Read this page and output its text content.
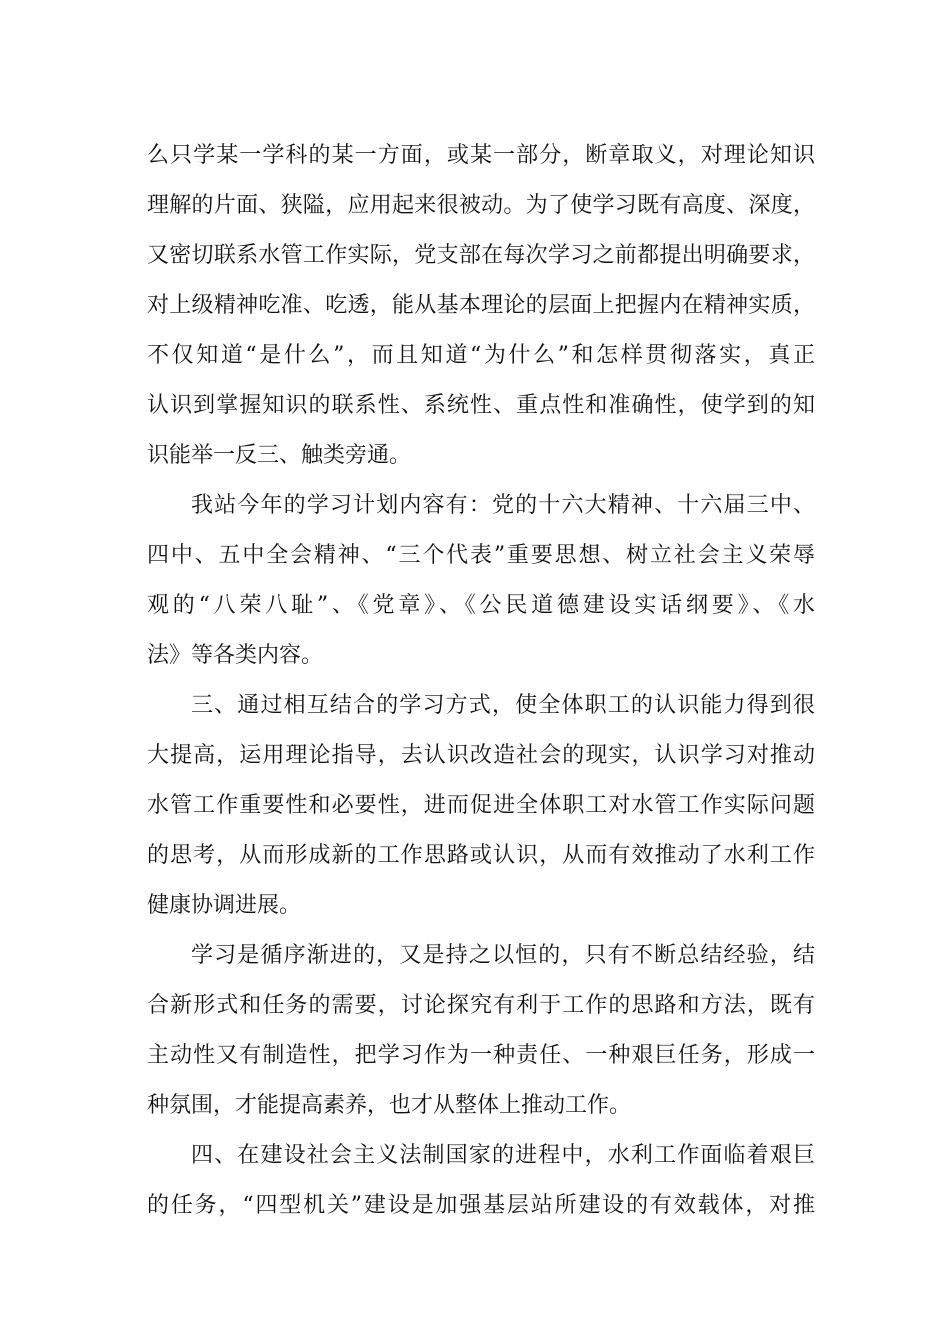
么只学某一学科的某一方面，或某一部分，断章取义，对理论知识
理解的片面、狭隘，应用起来很被动。为了使学习既有高度、深度，
又密切联系水管工作实际，党支部在每次学习之前都提出明确要求，
对上级精神吃准、吃透，能从基本理论的层面上把握内在精神实质，
不仅知道“是什么”，而且知道“为什么”和怎样贯彻落实，真正
认识到掌握知识的联系性、系统性、重点性和准确性，使学到的知
识能举一反三、触类旁通。
我站今年的学习计划内容有：党的十六大精神、十六届三中、
四中、五中全会精神、“三个代表”重要思想、树立社会主义荣辱
观的“八荣八耻”、《党章》、《公民道德建设实话纲要》、《水
法》等各类内容。
三、通过相互结合的学习方式，使全体职工的认识能力得到很
大提高，运用理论指导，去认识改造社会的现实，认识学习对推动
水管工作重要性和必要性，进而促进全体职工对水管工作实际问题
的思考，从而形成新的工作思路或认识，从而有效推动了水利工作
健康协调进展。
学习是循序渐进的，又是持之以恒的，只有不断总结经验，结
合新形式和任务的需要，讨论探究有利于工作的思路和方法，既有
主动性又有制造性，把学习作为一种责任、一种艰巨任务，形成一
种氛围，才能提高素养，也才从整体上推动工作。
四、在建设社会主义法制国家的进程中，水利工作面临着艰巨
的任务，“四型机关”建设是加强基层站所建设的有效载体，对推
